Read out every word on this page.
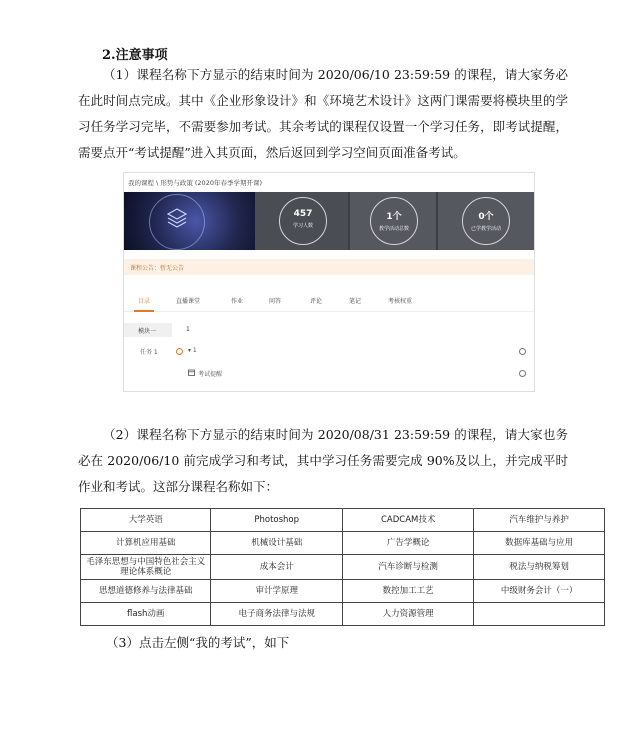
2.注意事项
（1）课程名称下方显示的结束时间为 2020/06/10 23:59:59 的课程，请大家务必在此时间点完成。其中《企业形象设计》和《环境艺术设计》这两门课需要将模块里的学习任务学习完毕，不需要参加考试。其余考试的课程仅设置一个学习任务，即考试提醒，需要点开“考试提醒”进入其页面，然后返回到学习空间页面准备考试。
我的课程 \ 形势与政策 (2020年春季学期开课)
457
学习人数
1个
教学活动总数
0个
已学教学活动
课程公告：暂无公告
目录	直播课堂	作业	问答	评论	笔记	考核权重
模块一	1
任务 1	▾ 1
考试提醒
（2）课程名称下方显示的结束时间为 2020/08/31 23:59:59 的课程，请大家也务必在 2020/06/10 前完成学习和考试，其中学习任务需要完成 90%及以上，并完成平时作业和考试。这部分课程名称如下：
大学英语	Photoshop	CADCAM技术	汽车维护与养护
计算机应用基础	机械设计基础	广告学概论	数据库基础与应用
毛泽东思想与中国特色社会主义理论体系概论	成本会计	汽车诊断与检测	税法与纳税筹划
思想道德修养与法律基础	审计学原理	数控加工工艺	中级财务会计（一）
flash动画	电子商务法律与法规	人力资源管理	
（3）点击左侧“我的考试”，如下
